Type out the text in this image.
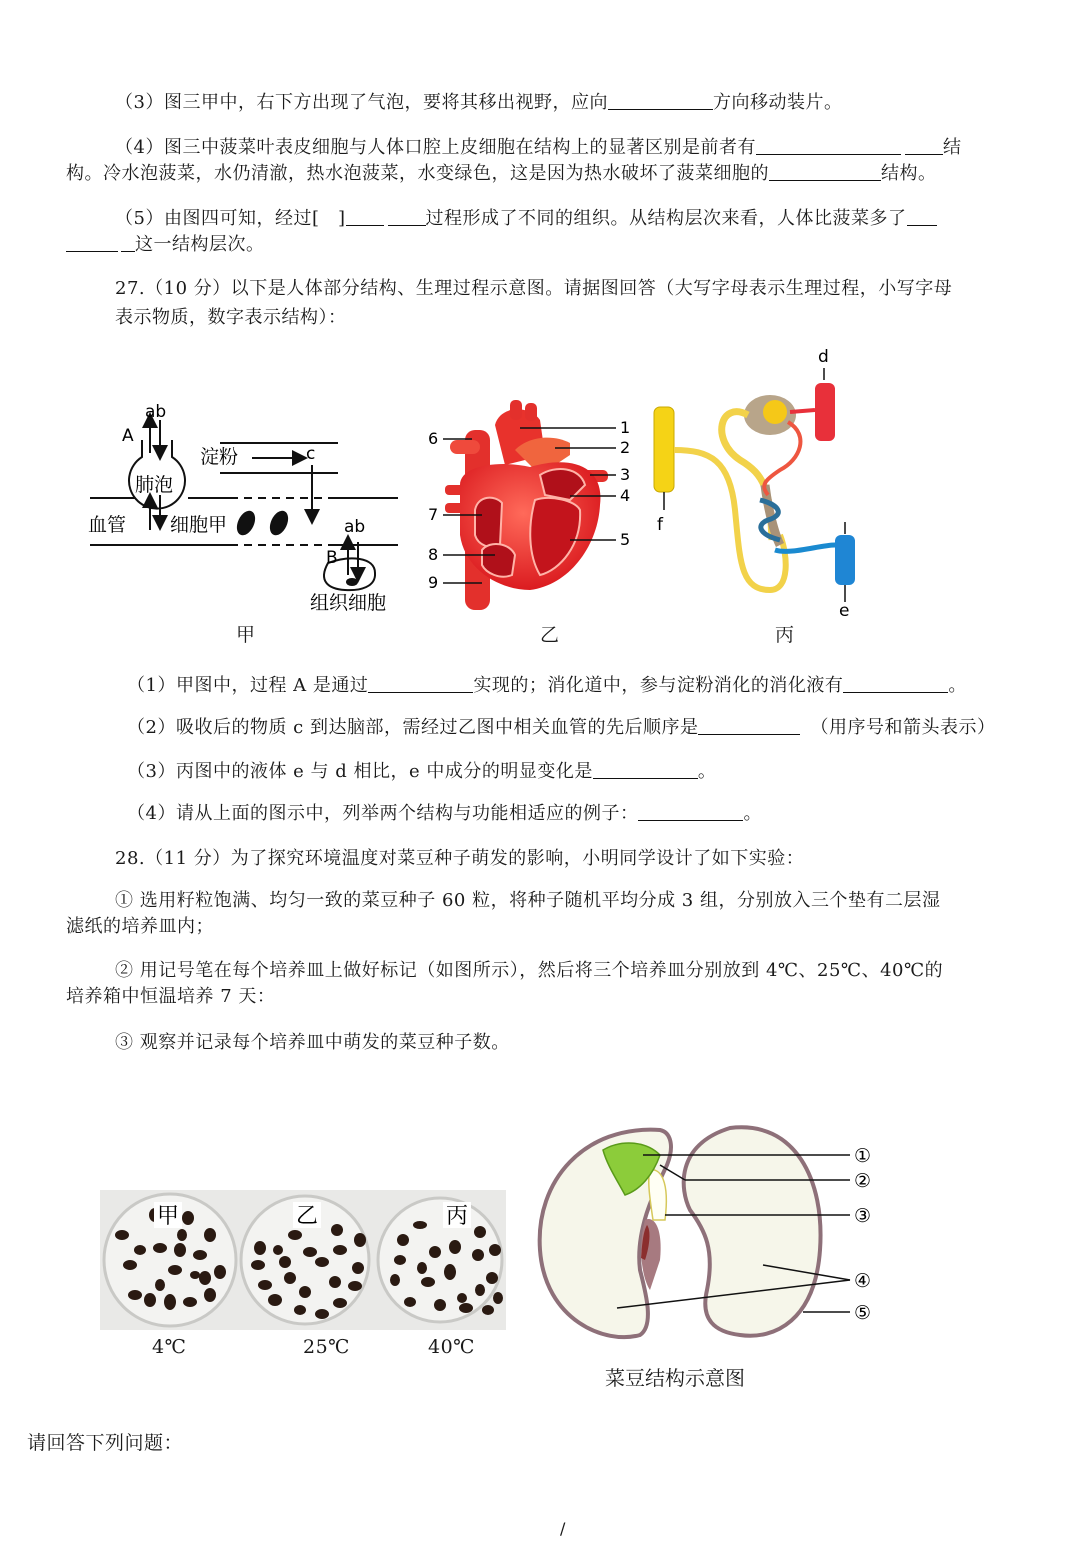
（3）图三甲中，右下方出现了气泡，要将其移出视野，应向	方向移动装片。
（4）图三中菠菜叶表皮细胞与人体口腔上皮细胞在结构上的显著区别是前者有	结
构。冷水泡菠菜，水仍清澈，热水泡菠菜，水变绿色，这是因为热水破坏了菠菜细胞的	结构。
（5）由图四可知，经过[　]	过程形成了不同的组织。从结构层次来看，人体比菠菜多了
这一结构层次。
27.（10 分）以下是人体部分结构、生理过程示意图。请据图回答（大写字母表示生理过程，小写字母
表示物质，数字表示结构）：
ab
A
肺泡
淀粉	c
血管 细胞甲	ab
B
组织细胞
甲
1
2
3
4
5
6
7
8
9
乙
d
f
e
丙
（1）甲图中，过程 A 是通过	实现的；消化道中，参与淀粉消化的消化液有	。
（2）吸收后的物质 c 到达脑部，需经过乙图中相关血管的先后顺序是	（用序号和箭头表示）
（3）丙图中的液体 e 与 d 相比，e 中成分的明显变化是	。
（4）请从上面的图示中，列举两个结构与功能相适应的例子：	。
28.（11 分）为了探究环境温度对菜豆种子萌发的影响，小明同学设计了如下实验：
① 选用籽粒饱满、均匀一致的菜豆种子 60 粒，将种子随机平均分成 3 组，分别放入三个垫有二层湿
滤纸的培养皿内；
② 用记号笔在每个培养皿上做好标记（如图所示），然后将三个培养皿分别放到 4℃、25℃、40℃的
培养箱中恒温培养 7 天：
③ 观察并记录每个培养皿中萌发的菜豆种子数。
甲	乙	丙
4℃	25℃	40℃
①
②
③
④
⑤
菜豆结构示意图
请回答下列问题：
/
